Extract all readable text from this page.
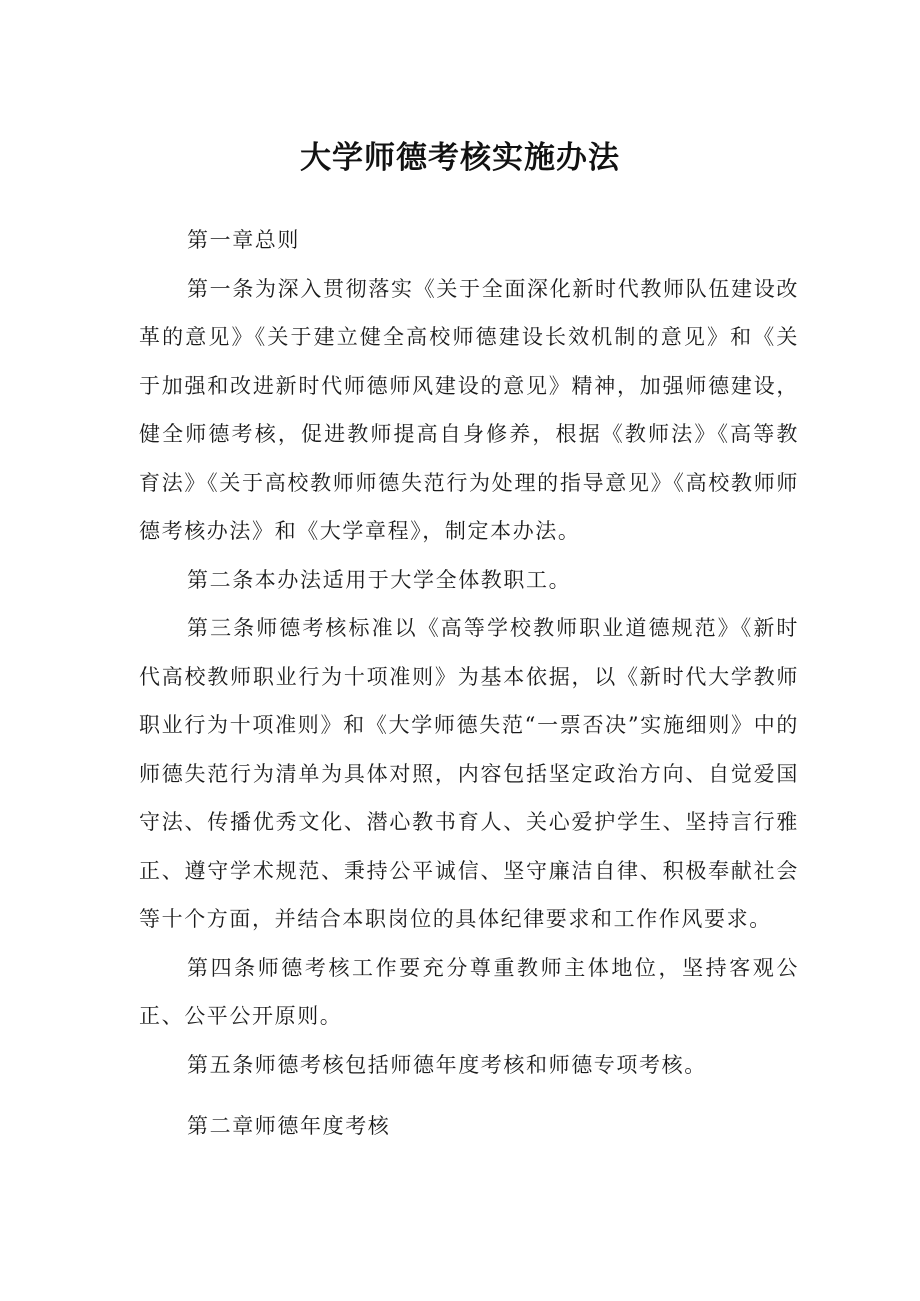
大学师德考核实施办法

第一章总则

第一条为深入贯彻落实《关于全面深化新时代教师队伍建设改革的意见》《关于建立健全高校师德建设长效机制的意见》和《关于加强和改进新时代师德师风建设的意见》精神，加强师德建设，健全师德考核，促进教师提高自身修养，根据《教师法》《高等教育法》《关于高校教师师德失范行为处理的指导意见》《高校教师师德考核办法》和《大学章程》，制定本办法。

第二条本办法适用于大学全体教职工。

第三条师德考核标准以《高等学校教师职业道德规范》《新时代高校教师职业行为十项准则》为基本依据，以《新时代大学教师职业行为十项准则》和《大学师德失范“一票否决”实施细则》中的师德失范行为清单为具体对照，内容包括坚定政治方向、自觉爱国守法、传播优秀文化、潜心教书育人、关心爱护学生、坚持言行雅正、遵守学术规范、秉持公平诚信、坚守廉洁自律、积极奉献社会等十个方面，并结合本职岗位的具体纪律要求和工作作风要求。

第四条师德考核工作要充分尊重教师主体地位，坚持客观公正、公平公开原则。

第五条师德考核包括师德年度考核和师德专项考核。

第二章师德年度考核
